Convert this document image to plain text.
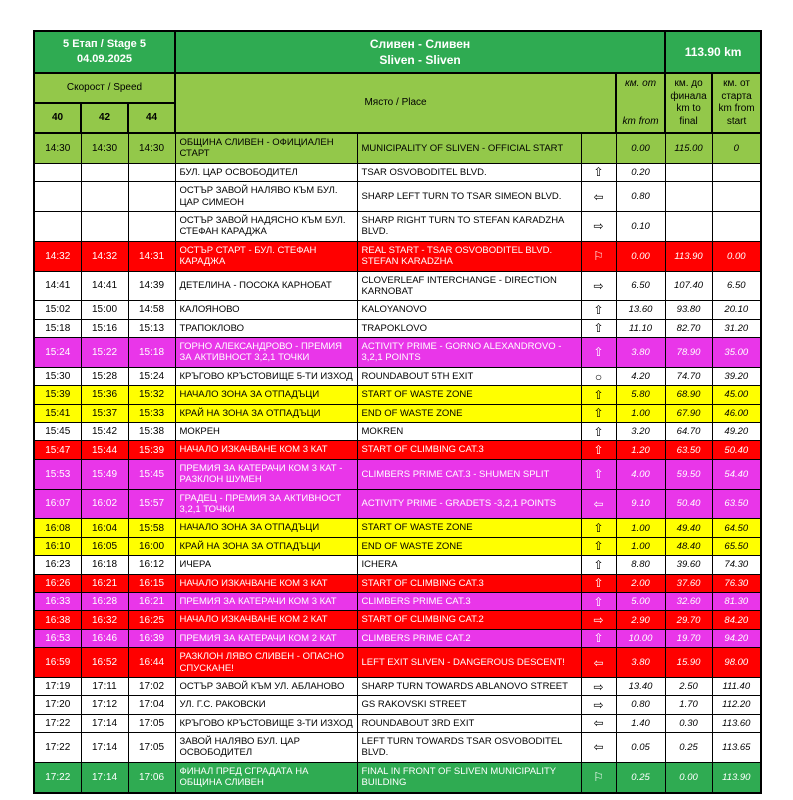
5 Етап / Stage 5
04.09.2025

Сливен - Сливен
Sliven - Sliven
	113.90 km
Скорост / Speed			Място / Place			км. от
km from	км. до финала
km to final	км. от старта
km from start

40	42	44						
14:30	14:30	14:30	ОБЩИНА СЛИВЕН - ОФИЦИАЛЕН СТАРТ	MUNICIPALITY OF SLIVEN - OFFICIAL START		0.00	115.00	0
			БУЛ. ЦАР ОСВОБОДИТЕЛ	TSAR OSVOBODITEL BLVD.	⇧	0.20		
			ОСТЪР ЗАВОЙ НАЛЯВО КЪМ БУЛ. ЦАР СИМЕОН	SHARP LEFT TURN TO TSAR SIMEON BLVD.	⇦	0.80		
			ОСТЪР ЗАВОЙ НАДЯСНО КЪМ БУЛ. СТЕФАН КАРАДЖА	SHARP RIGHT TURN TO STEFAN KARADZHA BLVD.	⇨	0.10		
14:32	14:32	14:31	ОСТЪР СТАРТ - БУЛ. СТЕФАН КАРАДЖА	REAL START - TSAR OSVOBODITEL BLVD. STEFAN KARADZHA	⚐	0.00	113.90	0.00
14:41	14:41	14:39	ДЕТЕЛИНА - ПОСОКА КАРНОБАТ	CLOVERLEAF INTERCHANGE - DIRECTION KARNOBAT	⇨	6.50	107.40	6.50
15:02	15:00	14:58	КАЛОЯНОВО	KALOYANOVO	⇧	13.60	93.80	20.10
15:18	15:16	15:13	ТРАПОКЛОВО	TRAPOKLOVO	⇧	11.10	82.70	31.20
15:24	15:22	15:18	ГОРНО АЛЕКСАНДРОВО - ПРЕМИЯ ЗА АКТИВНОСТ 3,2,1 ТОЧКИ	ACTIVITY PRIME - GORNO ALEXANDROVO - 3,2,1 POINTS	⇧	3.80	78.90	35.00
15:30	15:28	15:24	КРЪГОВО КРЪСТОВИЩЕ 5-ТИ ИЗХОД	ROUNDABOUT 5TH EXIT	○	4.20	74.70	39.20
15:39	15:36	15:32	НАЧАЛО ЗОНА ЗА ОТПАДЪЦИ	START OF WASTE ZONE	⇧	5.80	68.90	45.00
15:41	15:37	15:33	КРАЙ НА ЗОНА ЗА ОТПАДЪЦИ	END OF WASTE ZONE	⇧	1.00	67.90	46.00
15:45	15:42	15:38	МОКРЕН	MOKREN	⇧	3.20	64.70	49.20
15:47	15:44	15:39	НАЧАЛО ИЗКАЧВАНЕ КОМ 3 КАТ	START OF CLIMBING CAT.3	⇧	1.20	63.50	50.40
15:53	15:49	15:45	ПРЕМИЯ ЗА КАТЕРАЧИ КОМ 3 КАТ - РАЗКЛОН ШУМЕН	CLIMBERS PRIME CAT.3 - SHUMEN SPLIT	⇧	4.00	59.50	54.40
16:07	16:02	15:57	ГРАДЕЦ - ПРЕМИЯ ЗА АКТИВНОСТ 3,2,1 ТОЧКИ	ACTIVITY PRIME - GRADETS -3,2,1 POINTS	⇦	9.10	50.40	63.50
16:08	16:04	15:58	НАЧАЛО ЗОНА ЗА ОТПАДЪЦИ	START OF WASTE ZONE	⇧	1.00	49.40	64.50
16:10	16:05	16:00	КРАЙ НА ЗОНА ЗА ОТПАДЪЦИ	END OF WASTE ZONE	⇧	1.00	48.40	65.50
16:23	16:18	16:12	ИЧЕРА	ICHERA	⇧	8.80	39.60	74.30
16:26	16:21	16:15	НАЧАЛО ИЗКАЧВАНЕ КОМ 3 КАТ	START OF CLIMBING CAT.3	⇧	2.00	37.60	76.30
16:33	16:28	16:21	ПРЕМИЯ ЗА КАТЕРАЧИ КОМ 3 КАТ	CLIMBERS PRIME CAT.3	⇧	5.00	32.60	81.30
16:38	16:32	16:25	НАЧАЛО ИЗКАЧВАНЕ КОМ 2 КАТ	START OF CLIMBING CAT.2	⇨	2.90	29.70	84.20
16:53	16:46	16:39	ПРЕМИЯ ЗА КАТЕРАЧИ КОМ 2 КАТ	CLIMBERS PRIME CAT.2	⇧	10.00	19.70	94.20
16:59	16:52	16:44	РАЗКЛОН ЛЯВО СЛИВЕН - ОПАСНО СПУСКАНЕ!	LEFT EXIT SLIVEN - DANGEROUS DESCENT!	⇦	3.80	15.90	98.00
17:19	17:11	17:02	ОСТЪР ЗАВОЙ КЪМ УЛ. АБЛАНОВО	SHARP TURN TOWARDS ABLANOVO STREET	⇨	13.40	2.50	111.40
17:20	17:12	17:04	УЛ. Г.С. РАКОВСКИ	GS RAKOVSKI STREET	⇨	0.80	1.70	112.20
17:22	17:14	17:05	КРЪГОВО КРЪСТОВИЩЕ 3-ТИ ИЗХОД	ROUNDABOUT 3RD EXIT	⇦	1.40	0.30	113.60
17:22	17:14	17:05	ЗАВОЙ НАЛЯВО БУЛ. ЦАР ОСВОБОДИТЕЛ	LEFT TURN TOWARDS TSAR OSVOBODITEL BLVD.	⇦	0.05	0.25	113.65
17:22	17:14	17:06	ФИНАЛ ПРЕД СГРАДАТА НА ОБЩИНА СЛИВЕН	FINAL IN FRONT OF SLIVEN MUNICIPALITY BUILDING	⚐	0.25	0.00	113.90
